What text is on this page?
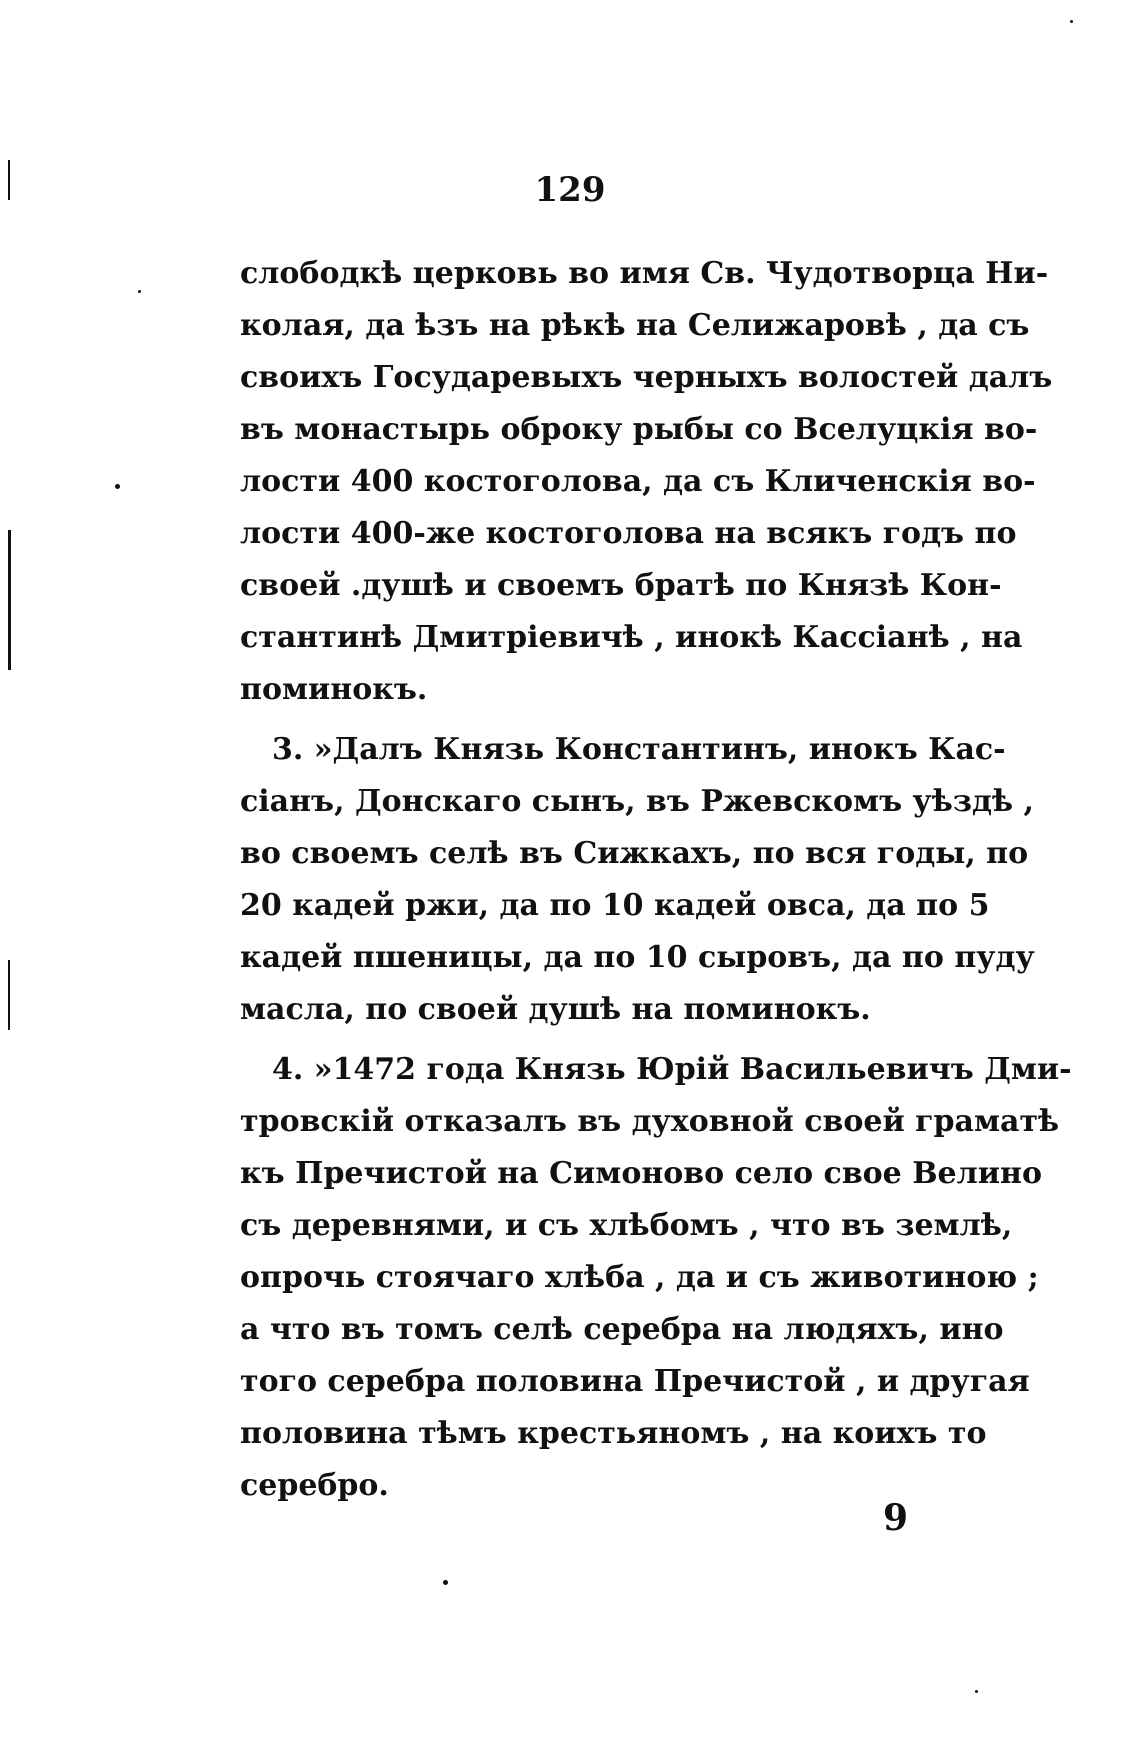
129
слободкѣ церковь во имя Св. Чудотворца Ни-
колая, да ѣзъ на рѣкѣ на Селижаровѣ , да съ
своихъ Государевыхъ черныхъ волостей далъ
въ монастырь оброку рыбы со Вселуцкія во-
лости 400 костоголова, да съ Кличенскія во-
лости 400-же костоголова на всякъ годъ по
своей .душѣ и своемъ братѣ по Князѣ Кон-
стантинѣ Дмитріевичѣ , инокѣ Кассіанѣ , на
поминокъ.
3. »Далъ Князь Константинъ, инокъ Кас-
сіанъ, Донскаго сынъ, въ Ржевскомъ уѣздѣ ,
во своемъ селѣ въ Сижкахъ, по вся годы, по
20 кадей ржи, да по 10 кадей овса, да по 5
кадей пшеницы, да по 10 сыровъ, да по пуду
масла, по своей душѣ на поминокъ.
4. »1472 года Князь Юрій Васильевичъ Дми-
тровскій отказалъ въ духовной своей граматѣ
къ Пречистой на Симоново село свое Велино
съ деревнями, и съ хлѣбомъ , что въ землѣ,
опрочь стоячаго хлѣба , да и съ животиною ;
а что въ томъ селѣ серебра на людяхъ, ино
того серебра половина Пречистой , и другая
половина тѣмъ крестьяномъ , на коихъ то
серебро.
9
